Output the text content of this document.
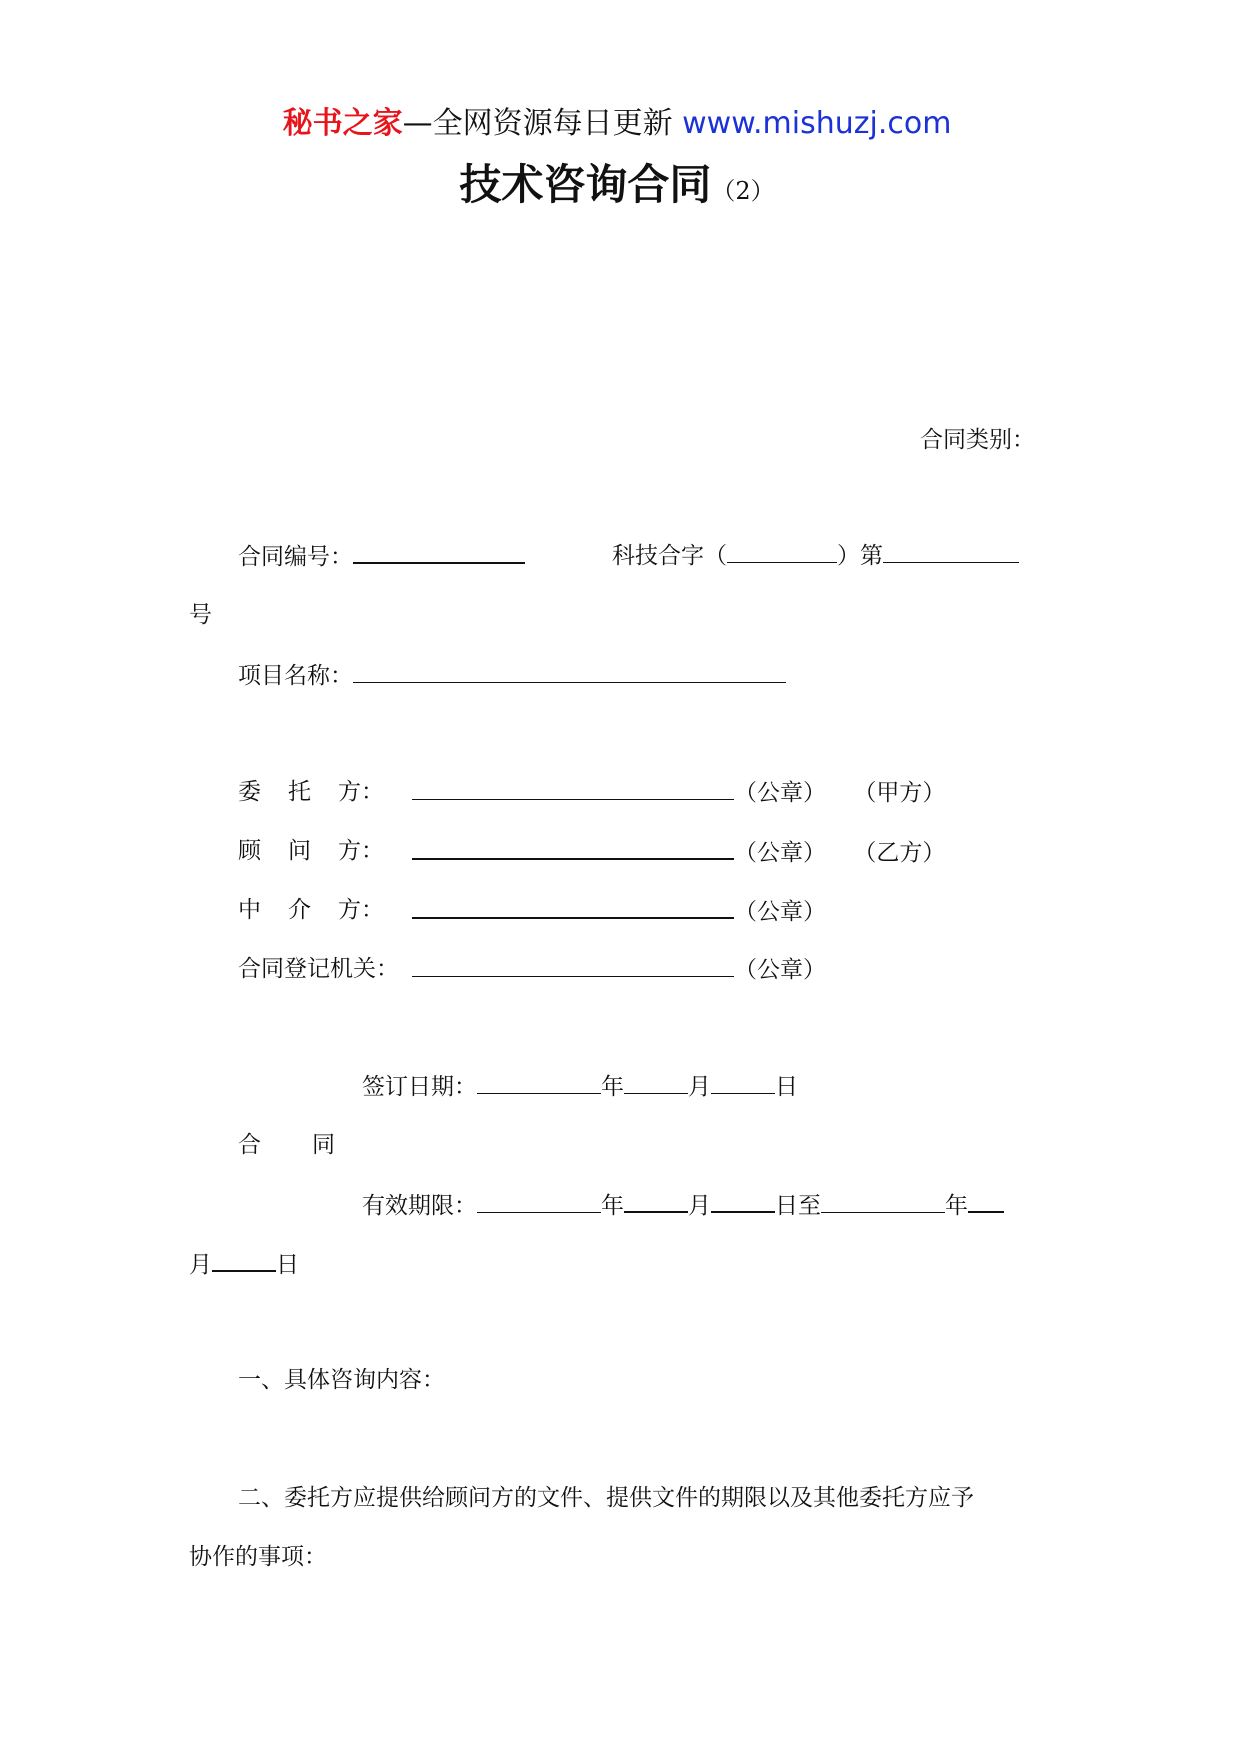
秘书之家—全网资源每日更新 www.mishuzj.com
技术咨询合同（2）
合同类别：
合同编号：	科技合字（	）第
号
项目名称：
委 托 方：	（公章） （甲方）
顾 问 方：	（公章） （乙方）
中 介 方：	（公章）
合同登记机关：	（公章）
签订日期：	年	月	日
合 同
有效期限：	年	月	日至	年
月	日
一、具体咨询内容：
二、委托方应提供给顾问方的文件、提供文件的期限以及其他委托方应予
协作的事项：
